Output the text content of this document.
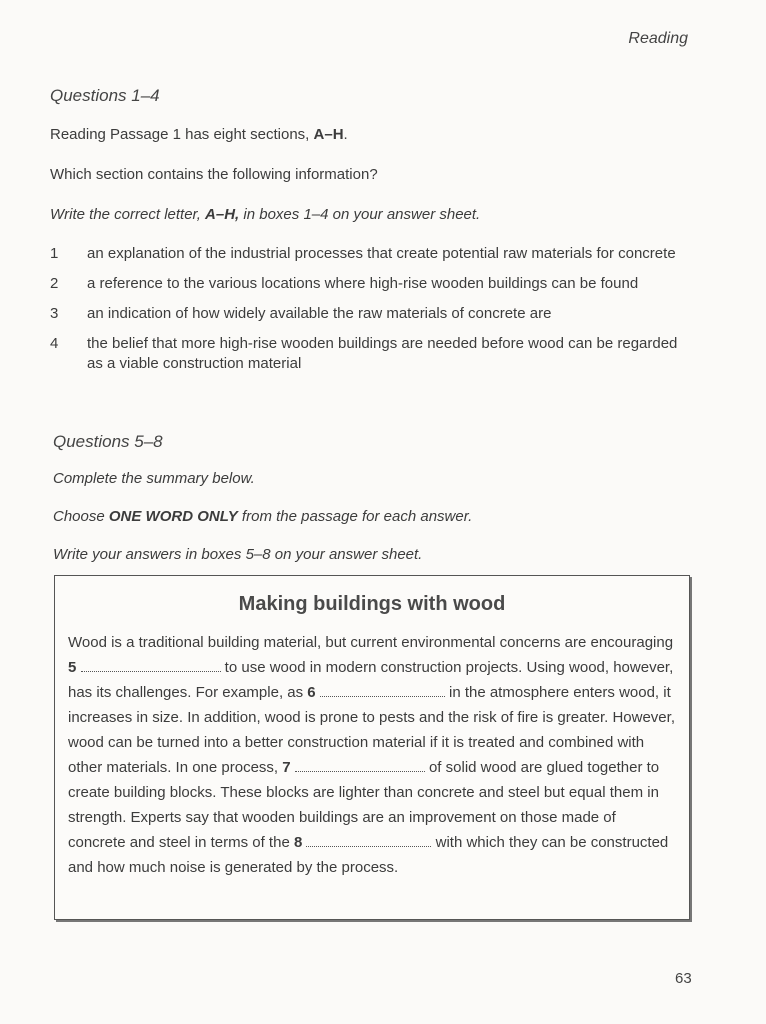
Reading
Questions 1–4
Reading Passage 1 has eight sections, A–H.
Which section contains the following information?
Write the correct letter, A–H, in boxes 1–4 on your answer sheet.
1	an explanation of the industrial processes that create potential raw materials for concrete
2	a reference to the various locations where high-rise wooden buildings can be found
3	an indication of how widely available the raw materials of concrete are
4	the belief that more high-rise wooden buildings are needed before wood can be regarded as a viable construction material
Questions 5–8
Complete the summary below.
Choose ONE WORD ONLY from the passage for each answer.
Write your answers in boxes 5–8 on your answer sheet.
Making buildings with wood
Wood is a traditional building material, but current environmental concerns are encouraging 5	to use wood in modern construction projects. Using wood, however, has its challenges. For example, as 6	in the atmosphere enters wood, it increases in size. In addition, wood is prone to pests and the risk of fire is greater. However, wood can be turned into a better construction material if it is treated and combined with other materials. In one process, 7	of solid wood are glued together to create building blocks. These blocks are lighter than concrete and steel but equal them in strength. Experts say that wooden buildings are an improvement on those made of concrete and steel in terms of the 8	with which they can be constructed and how much noise is generated by the process.
63
